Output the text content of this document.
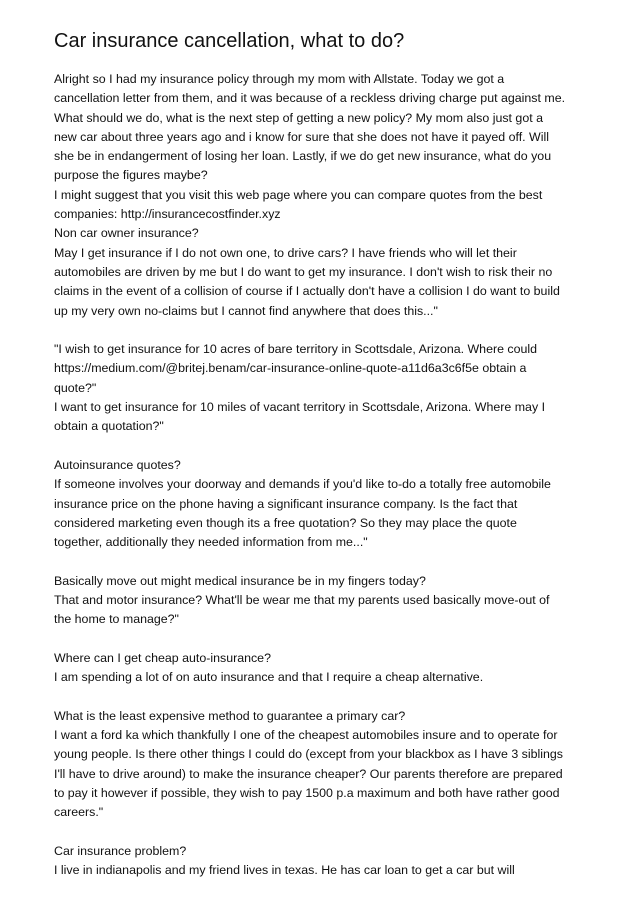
Car insurance cancellation, what to do?
Alright so I had my insurance policy through my mom with Allstate. Today we got a
cancellation letter from them, and it was because of a reckless driving charge put against me.
What should we do, what is the next step of getting a new policy? My mom also just got a
new car about three years ago and i know for sure that she does not have it payed off. Will
she be in endangerment of losing her loan. Lastly, if we do get new insurance, what do you
purpose the figures maybe?
I might suggest that you visit this web page where you can compare quotes from the best
companies: http://insurancecostfinder.xyz
Non car owner insurance?
May I get insurance if I do not own one, to drive cars? I have friends who will let their
automobiles are driven by me but I do want to get my insurance. I don't wish to risk their no
claims in the event of a collision of course if I actually don't have a collision I do want to build
up my very own no-claims but I cannot find anywhere that does this..."
"I wish to get insurance for 10 acres of bare territory in Scottsdale, Arizona. Where could
https://medium.com/@britej.benam/car-insurance-online-quote-a11d6a3c6f5e obtain a
quote?"
I want to get insurance for 10 miles of vacant territory in Scottsdale, Arizona. Where may I
obtain a quotation?"
Autoinsurance quotes?
If someone involves your doorway and demands if you'd like to-do a totally free automobile
insurance price on the phone having a significant insurance company. Is the fact that
considered marketing even though its a free quotation? So they may place the quote
together, additionally they needed information from me..."
Basically move out might medical insurance be in my fingers today?
That and motor insurance? What'll be wear me that my parents used basically move-out of
the home to manage?"
Where can I get cheap auto-insurance?
I am spending a lot of on auto insurance and that I require a cheap alternative.
What is the least expensive method to guarantee a primary car?
I want a ford ka which thankfully I one of the cheapest automobiles insure and to operate for
young people. Is there other things I could do (except from your blackbox as I have 3 siblings
I'll have to drive around) to make the insurance cheaper? Our parents therefore are prepared
to pay it however if possible, they wish to pay 1500 p.a maximum and both have rather good
careers."
Car insurance problem?
I live in indianapolis and my friend lives in texas. He has car loan to get a car but will
